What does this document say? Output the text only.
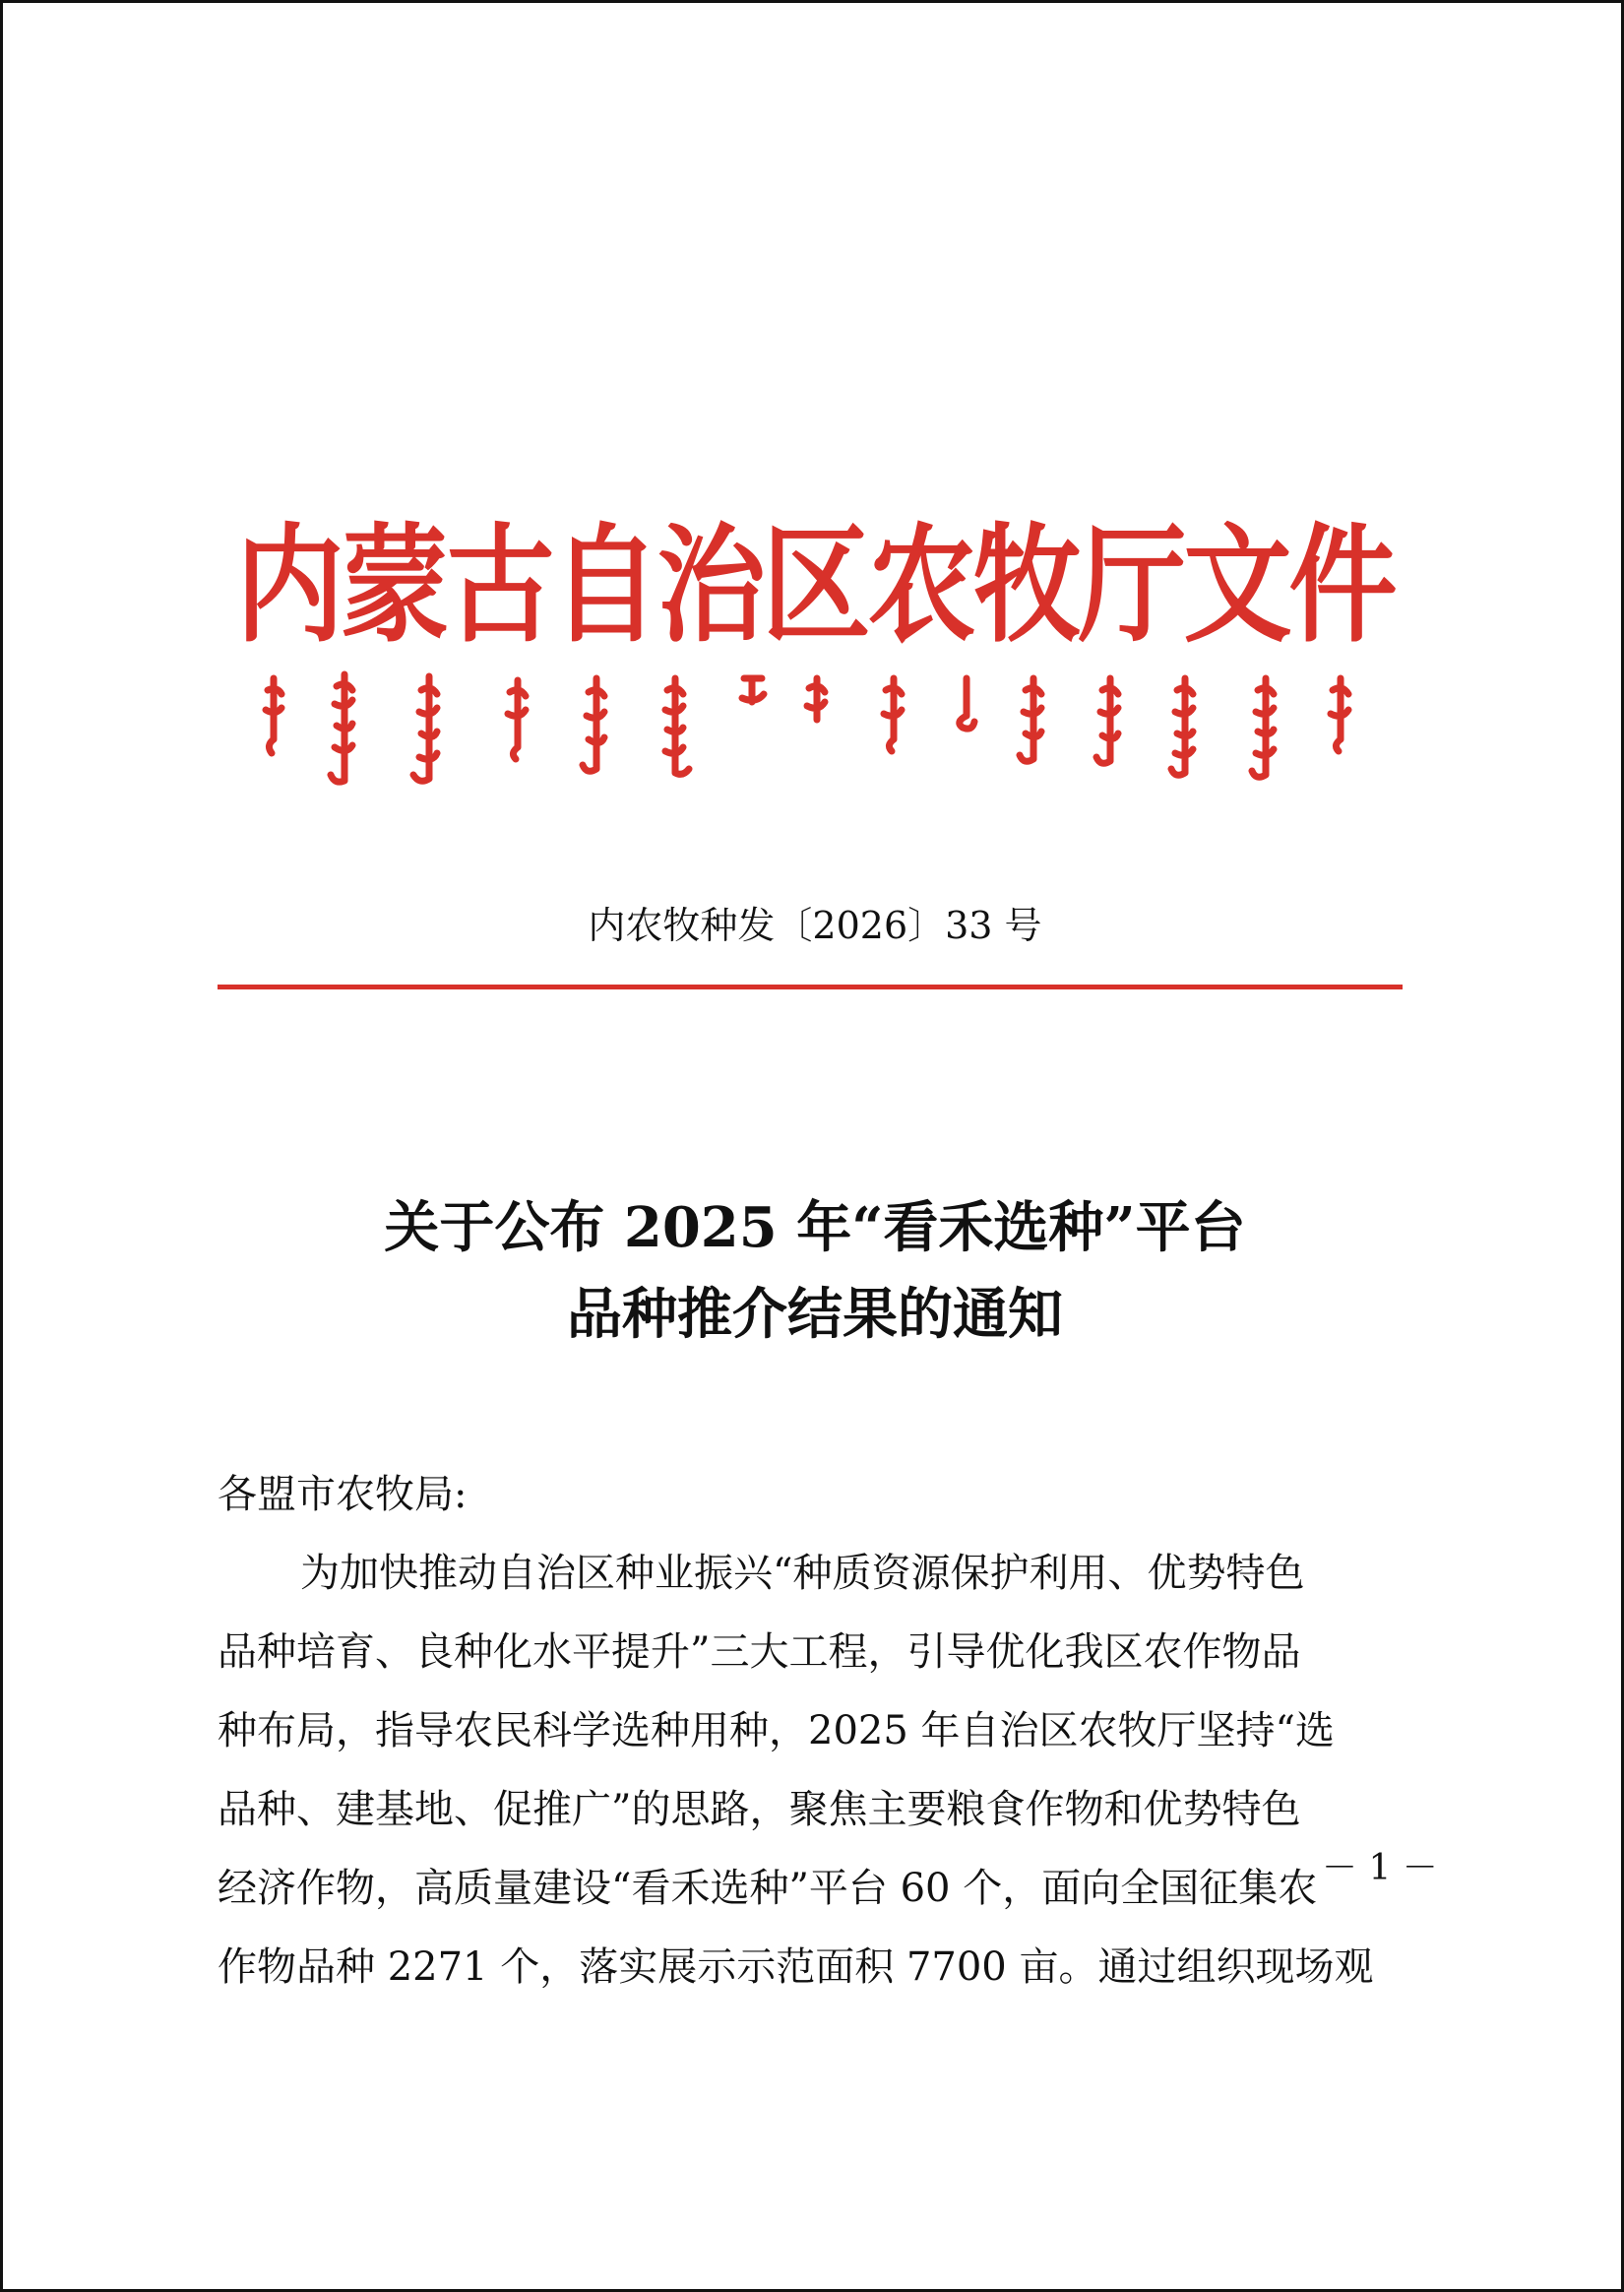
内蒙古自治区农牧厅文件
内农牧种发〔2026〕33 号
关于公布 2025 年“看禾选种”平台
品种推介结果的通知
各盟市农牧局:
为加快推动自治区种业振兴“种质资源保护利用、优势特色
品种培育、良种化水平提升”三大工程，引导优化我区农作物品
种布局，指导农民科学选种用种，2025 年自治区农牧厅坚持“选
品种、建基地、促推广”的思路，聚焦主要粮食作物和优势特色
经济作物，高质量建设“看禾选种”平台 60 个，面向全国征集农
作物品种 2271 个，落实展示示范面积 7700 亩。通过组织现场观
－ 1 －
